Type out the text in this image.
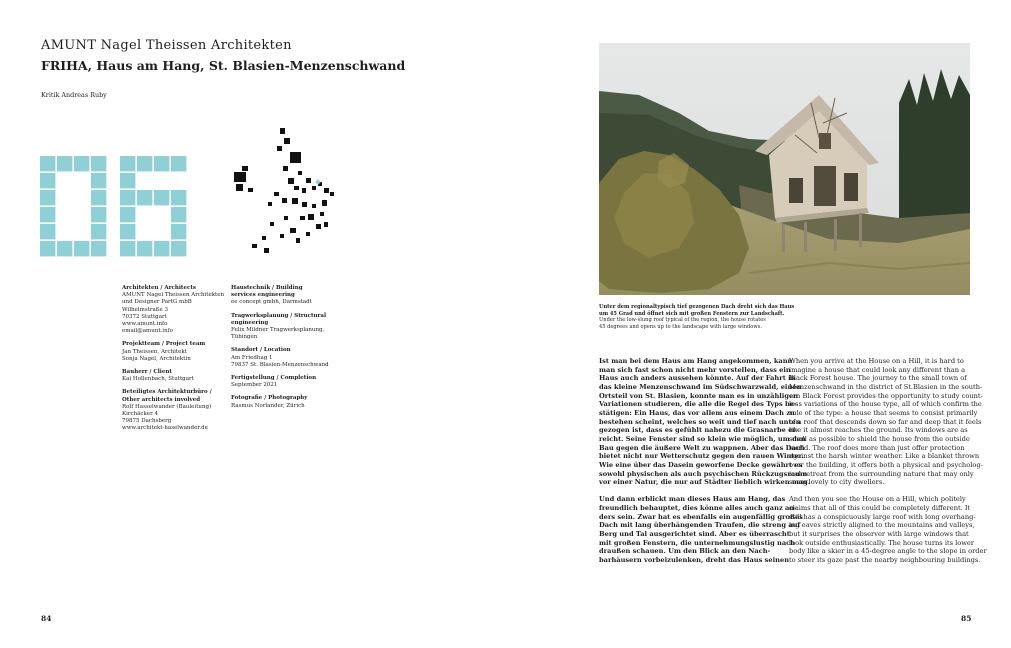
AMUNT Nagel Theissen Architekten
FRIHA, Haus am Hang, St. Blasien-Menzenschwand
Kritik Andreas Ruby
Architekten / Architects
AMUNT Nagel Theissen Architekten
und Designer PartG mbB
Wilhelmstraße 3
70372 Stuttgart
www.amunt.info
email@amunt.info
Projektteam / Project team
Jan Theissen, Architekt
Sonja Nagel, Architektin
Bauherr / Client
Kai Hollenbach, Stuttgart
Beteiligtes Architekturbüro /
Other architects involved
Rolf Hasselwander (Bauleitung)
Kirchäcker 4
79875 Dachsberg
www.architekt-haselwander.de
Haustechnik / Building
services engineering
ee concept gmbh, Darmstadt
Tragwerksplanung / Structural
engineering
Felix Mildner Tragwerksplanung,
Tübingen
Standort / Location
Am Friedhag 1
79837 St. Blasien-Menzenschwand
Fertigstellung / Completion
September 2021
Fotografie / Photography
Rasmus Norlander, Zürich
Unter dem regionaltypisch tief gezogenen Dach dreht sich das Haus
um 45 Grad und öffnet sich mit großen Fenstern zur Landschaft.
Under the low-slung roof typical of the region, the house rotates
45 degrees and opens up to the landscape with large windows.
Ist man bei dem Haus am Hang angekommen, kann
man sich fast schon nicht mehr vorstellen, dass ein
Haus auch anders aussehen könnte. Auf der Fahrt in
das kleine Menzenschwand im Südschwarzwald, einen
Ortsteil von St. Blasien, konnte man es in unzähligen
Variationen studieren, die alle die Regel des Typs be-
stätigen: Ein Haus, das vor allem aus einem Dach zu
bestehen scheint, welches so weit und tief nach unten
gezogen ist, dass es gefühlt nahezu die Grasnarbe er-
reicht. Seine Fenster sind so klein wie möglich, um den
Bau gegen die äußere Welt zu wappnen. Aber das Dach
bietet nicht nur Wetterschutz gegen den rauen Winter.
Wie eine über das Dasein geworfene Decke gewährt es
sowohl physischen als auch psychischen Rückzugsraum
vor einer Natur, die nur auf Städter lieblich wirken mag.
Und dann erblickt man dieses Haus am Hang, das
freundlich behauptet, dies könne alles auch ganz an-
ders sein. Zwar hat es ebenfalls ein augenfällig großes
Dach mit lang überhängenden Traufen, die streng auf
Berg und Tal ausgerichtet sind. Aber es überrascht
mit großen Fenstern, die unternehmungslustig nach
draußen schauen. Um den Blick an den Nach-
barhäusern vorbeizulenken, dreht das Haus seinen
When you arrive at the House on a Hill, it is hard to
imagine a house that could look any different than a
Black Forest house. The journey to the small town of
Menzenschwand in the district of St.Blasien in the south-
ern Black Forest provides the opportunity to study count-
less variations of the house type, all of which confirm the
rule of the type: a house that seems to consist primarily
of a roof that descends down so far and deep that it feels
like it almost reaches the ground. Its windows are as
small as possible to shield the house from the outside
world. The roof does more than just offer protection
against the harsh winter weather. Like a blanket thrown
over the building, it offers both a physical and psycholog-
ical retreat from the surrounding nature that may only
seem lovely to city dwellers.
And then you see the House on a Hill, which politely
claims that all of this could be completely different. It
still has a conspicuously large roof with long overhang-
ing eaves strictly aligned to the mountains and valleys,
but it surprises the observer with large windows that
look outside enthusiastically. The house turns its lower
body like a skier in a 45-degree angle to the slope in order
to steer its gaze past the nearby neighbouring buildings.
84	85
